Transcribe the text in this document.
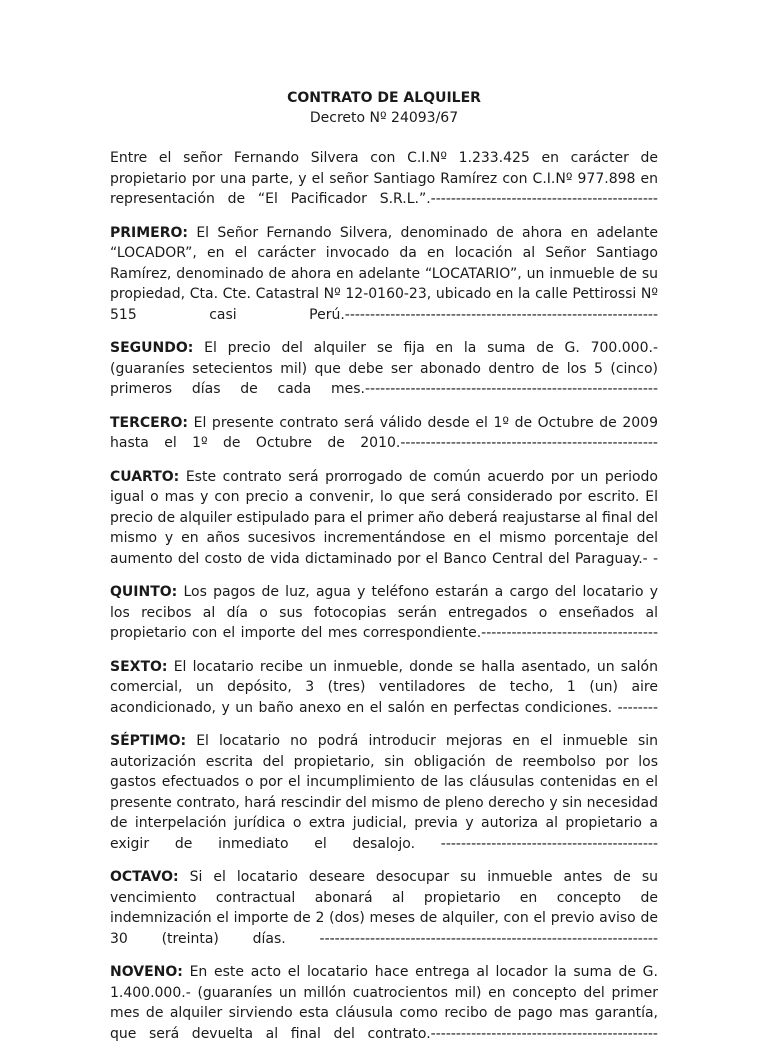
CONTRATO DE ALQUILER
Decreto Nº 24093/67

Entre el señor Fernando Silvera con C.I.Nº 1.233.425 en carácter de propietario por una parte, y el señor Santiago Ramírez con C.I.Nº 977.898 en representación de “El Pacificador S.R.L.”.---------------------------------------------

PRIMERO: El Señor Fernando Silvera, denominado de ahora en adelante “LOCADOR”, en el carácter invocado da en locación al Señor Santiago Ramírez, denominado de ahora en adelante “LOCATARIO”, un inmueble de su propiedad, Cta. Cte. Catastral Nº 12-0160-23, ubicado en la calle Pettirossi Nº 515 casi Perú.--------------------------------------------------------------

SEGUNDO: El precio del alquiler se fija en la suma de G. 700.000.- (guaraníes setecientos mil) que debe ser abonado dentro de los 5 (cinco) primeros días de cada mes.----------------------------------------------------------

TERCERO: El presente contrato será válido desde el 1º de Octubre de 2009 hasta el 1º de Octubre de 2010.---------------------------------------------------

CUARTO: Este contrato será prorrogado de común acuerdo por un periodo igual o mas y con precio a convenir, lo que será considerado por escrito. El precio de alquiler estipulado para el primer año deberá reajustarse al final del mismo y en años sucesivos incrementándose en el mismo porcentaje del aumento del costo de vida dictaminado por el Banco Central del Paraguay.- -

QUINTO: Los pagos de luz, agua y teléfono estarán a cargo del locatario y los recibos al día o sus fotocopias serán entregados o enseñados al propietario con el importe del mes correspondiente.-----------------------------------

SEXTO: El locatario recibe un inmueble, donde se halla asentado, un salón comercial, un depósito, 3 (tres) ventiladores de techo, 1 (un) aire acondicionado, y un baño anexo en el salón en perfectas condiciones. --------

SÉPTIMO: El locatario no podrá introducir mejoras en el inmueble sin autorización escrita del propietario, sin obligación de reembolso por los gastos efectuados o por el incumplimiento de las cláusulas contenidas en el presente contrato, hará rescindir del mismo de pleno derecho y sin necesidad de interpelación jurídica o extra judicial, previa y autoriza al propietario a exigir de inmediato el desalojo. -------------------------------------------

OCTAVO: Si el locatario deseare desocupar su inmueble antes de su vencimiento contractual abonará al propietario en concepto de indemnización el importe de 2 (dos) meses de alquiler, con el previo aviso de 30 (treinta) días. -------------------------------------------------------------------

NOVENO: En este acto el locatario hace entrega al locador la suma de G. 1.400.000.- (guaraníes un millón cuatrocientos mil) en concepto del primer mes de alquiler sirviendo esta cláusula como recibo de pago mas garantía, que será devuelta al final del contrato.---------------------------------------------
